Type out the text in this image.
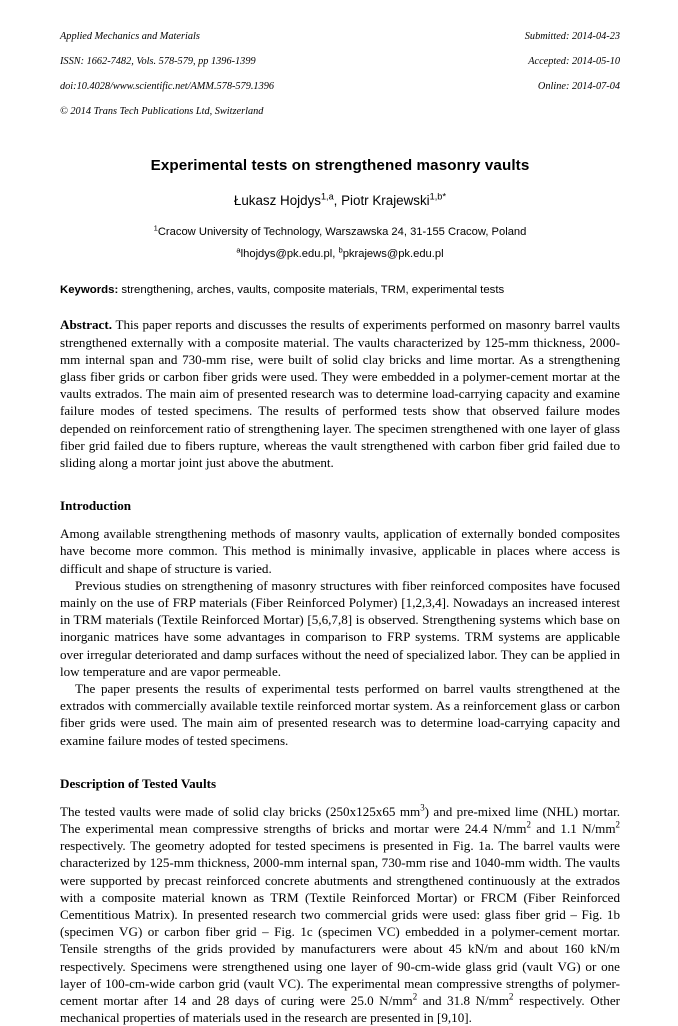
Applied Mechanics and Materials

ISSN: 1662-7482, Vols. 578-579, pp 1396-1399

doi:10.4028/www.scientific.net/AMM.578-579.1396

© 2014 Trans Tech Publications Ltd, Switzerland

Submitted: 2014-04-23

Accepted: 2014-05-10

Online: 2014-07-04

Experimental tests on strengthened masonry vaults
Łukasz Hojdys$^{1,a}$, Piotr Krajewski$^{1,b*}$
$^1$Cracow University of Technology, Warszawska 24, 31-155 Cracow, Poland
$^a$lhojdys@pk.edu.pl, $^b$pkrajews@pk.edu.pl
Keywords: strengthening, arches, vaults, composite materials, TRM, experimental tests
Abstract. This paper reports and discusses the results of experiments performed on masonry barrel vaults strengthened externally with a composite material. The vaults characterized by 125-mm thickness, 2000-mm internal span and 730-mm rise, were built of solid clay bricks and lime mortar. As a strengthening glass fiber grids or carbon fiber grids were used. They were embedded in a polymer-cement mortar at the vaults extrados. The main aim of presented research was to determine load-carrying capacity and examine failure modes of tested specimens. The results of performed tests show that observed failure modes depended on reinforcement ratio of strengthening layer. The specimen strengthened with one layer of glass fiber grid failed due to fibers rupture, whereas the vault strengthened with carbon fiber grid failed due to sliding along a mortar joint just above the abutment.
Introduction

Among available strengthening methods of masonry vaults, application of externally bonded composites have become more common. This method is minimally invasive, applicable in places where access is difficult and shape of structure is varied.

Previous studies on strengthening of masonry structures with fiber reinforced composites have focused mainly on the use of FRP materials (Fiber Reinforced Polymer) [1,2,3,4]. Nowadays an increased interest in TRM materials (Textile Reinforced Mortar) [5,6,7,8] is observed. Strengthening systems which base on inorganic matrices have some advantages in comparison to FRP systems. TRM systems are applicable over irregular deteriorated and damp surfaces without the need of specialized labor. They can be applied in low temperature and are vapor permeable.

The paper presents the results of experimental tests performed on barrel vaults strengthened at the extrados with commercially available textile reinforced mortar system. As a reinforcement glass or carbon fiber grids were used. The main aim of presented research was to determine load-carrying capacity and examine failure modes of tested specimens.

Description of Tested Vaults

The tested vaults were made of solid clay bricks (250x125x65 $mm^3$) and pre-mixed lime (NHL) mortar. The experimental mean compressive strengths of bricks and mortar were 24.4 $N/mm^2$ and 1.1 $N/mm^2$ respectively. The geometry adopted for tested specimens is presented in Fig. 1a. The barrel vaults were characterized by 125-mm thickness, 2000-mm internal span, 730-mm rise and 1040-mm width. The vaults were supported by precast reinforced concrete abutments and strengthened continuously at the extrados with a composite material known as TRM (Textile Reinforced Mortar) or FRCM (Fiber Reinforced Cementitious Matrix). In presented research two commercial grids were used: glass fiber grid – Fig. 1b (specimen VG) or carbon fiber grid – Fig. 1c (specimen VC) embedded in a polymer-cement mortar. Tensile strengths of the grids provided by manufacturers were about 45 kN/m and about 160 kN/m respectively. Specimens were strengthened using one layer of 90-cm-wide glass grid (vault VG) or one layer of 100-cm-wide carbon grid (vault VC). The experimental mean compressive strengths of polymer-cement mortar after 14 and 28 days of curing were 25.0 $N/mm^2$ and 31.8 $N/mm^2$ respectively. Other mechanical properties of materials used in the research are presented in [9,10].
